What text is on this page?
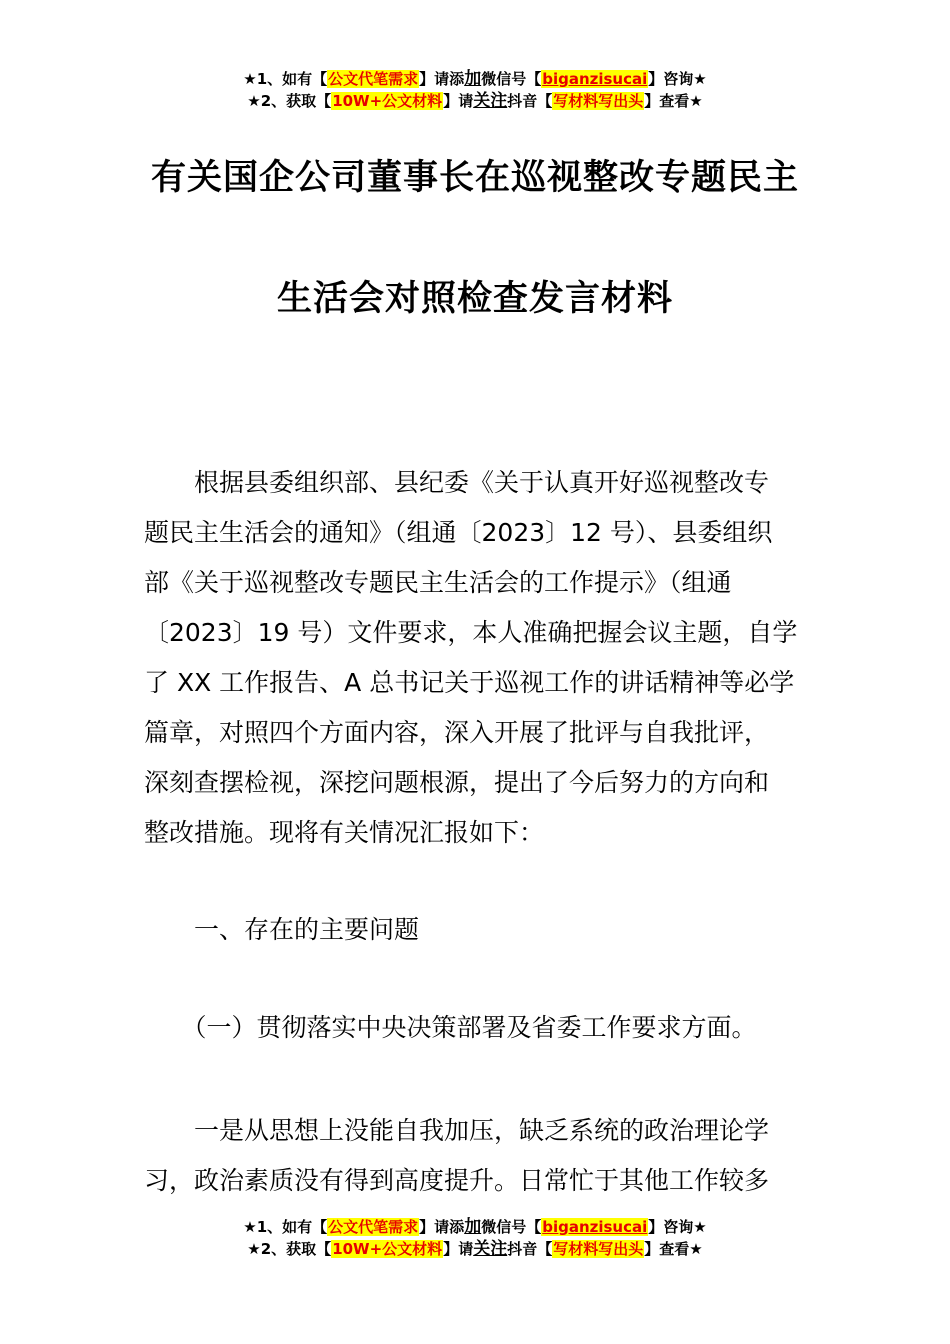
★1、如有【公文代笔需求】请添加微信号【biganzisucai】咨询★
★2、获取【10W+公文材料】请关注抖音【写材料写出头】查看★
有关国企公司董事长在巡视整改专题民主
生活会对照检查发言材料
　　根据县委组织部、县纪委《关于认真开好巡视整改专
题民主生活会的通知》（组通〔2023〕12 号）、县委组织
部《关于巡视整改专题民主生活会的工作提示》（组通
〔2023〕19 号）文件要求，本人准确把握会议主题，自学
了 XX 工作报告、A 总书记关于巡视工作的讲话精神等必学
篇章，对照四个方面内容，深入开展了批评与自我批评，
深刻查摆检视，深挖问题根源，提出了今后努力的方向和
整改措施。现将有关情况汇报如下：
　　一、存在的主要问题
　　（一）贯彻落实中央决策部署及省委工作要求方面。
　　一是从思想上没能自我加压，缺乏系统的政治理论学
习，政治素质没有得到高度提升。日常忙于其他工作较多
★1、如有【公文代笔需求】请添加微信号【biganzisucai】咨询★
★2、获取【10W+公文材料】请关注抖音【写材料写出头】查看★
